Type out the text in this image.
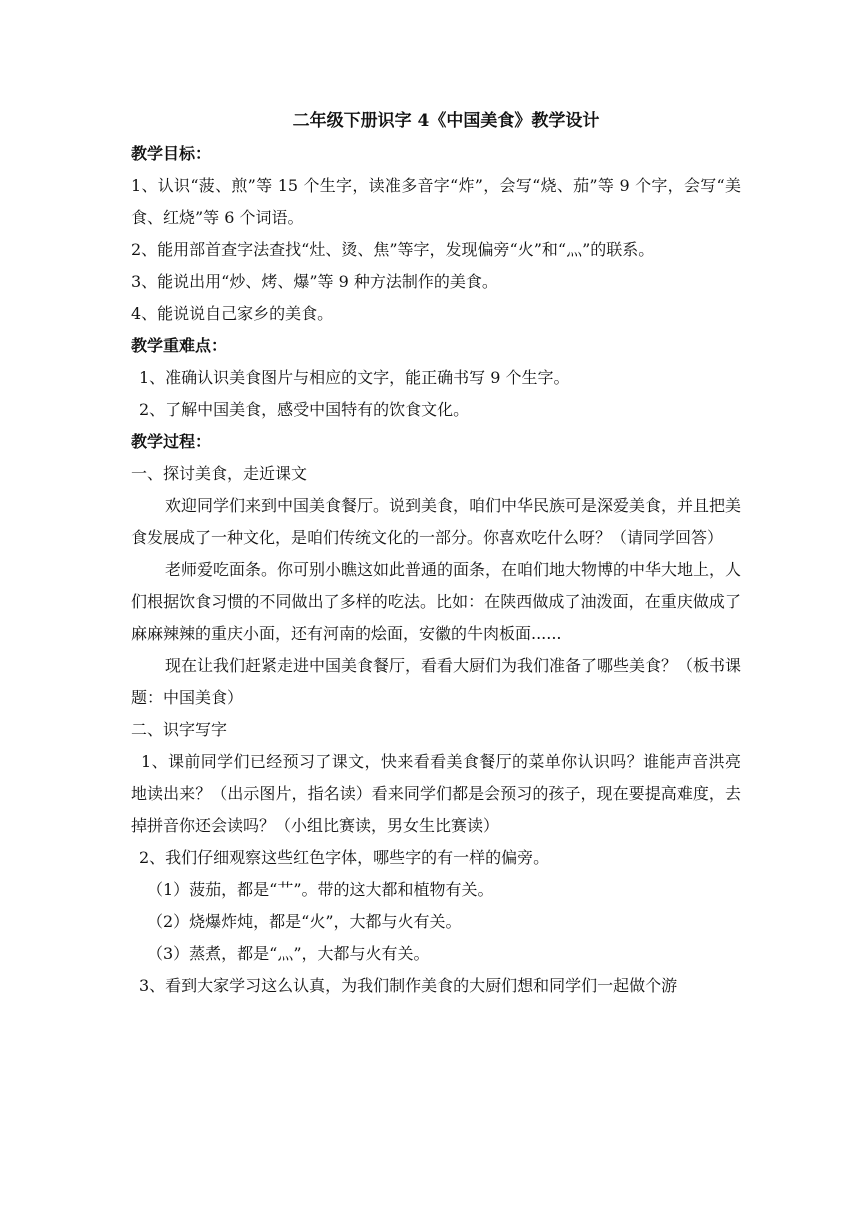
二年级下册识字 4《中国美食》教学设计

教学目标：

1、认识“菠、煎”等 15 个生字，读准多音字“炸”，会写“烧、茄”等 9 个字，会写“美食、红烧”等 6 个词语。

2、能用部首查字法查找“灶、烫、焦”等字，发现偏旁“火”和“灬”的联系。

3、能说出用“炒、烤、爆”等 9 种方法制作的美食。

4、能说说自己家乡的美食。

教学重难点：

1、准确认识美食图片与相应的文字，能正确书写 9 个生字。

2、了解中国美食，感受中国特有的饮食文化。

教学过程：

一、探讨美食，走近课文

欢迎同学们来到中国美食餐厅。说到美食，咱们中华民族可是深爱美食，并且把美食发展成了一种文化，是咱们传统文化的一部分。你喜欢吃什么呀？（请同学回答）

老师爱吃面条。你可别小瞧这如此普通的面条，在咱们地大物博的中华大地上，人们根据饮食习惯的不同做出了多样的吃法。比如：在陕西做成了油泼面，在重庆做成了麻麻辣辣的重庆小面，还有河南的烩面，安徽的牛肉板面......

现在让我们赶紧走进中国美食餐厅，看看大厨们为我们准备了哪些美食？（板书课题：中国美食）

二、识字写字

1、课前同学们已经预习了课文，快来看看美食餐厅的菜单你认识吗？谁能声音洪亮地读出来？（出示图片，指名读）看来同学们都是会预习的孩子，现在要提高难度，去掉拼音你还会读吗？（小组比赛读，男女生比赛读）

2、我们仔细观察这些红色字体，哪些字的有一样的偏旁。

（1）菠茄，都是“艹”。带的这大都和植物有关。

（2）烧爆炸炖，都是“火”，大都与火有关。

（3）蒸煮，都是“灬”，大都与火有关。

3、看到大家学习这么认真，为我们制作美食的大厨们想和同学们一起做个游
